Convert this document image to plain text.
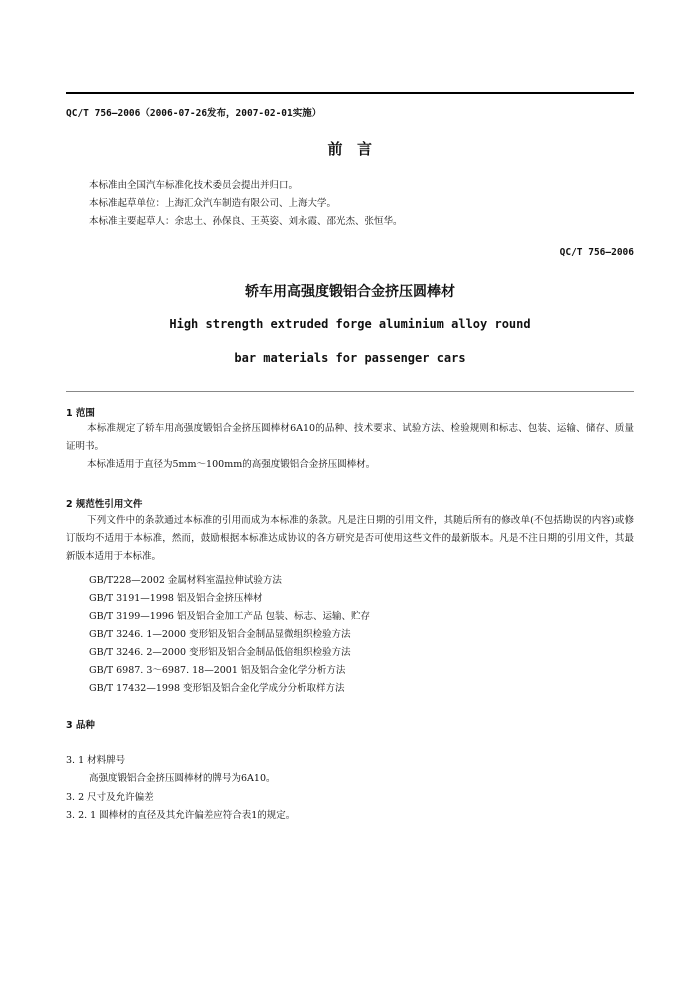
QC/T 756—2006（2006-07-26发布，2007-02-01实施）
前 言
本标准由全国汽车标准化技术委员会提出并归口。
本标准起草单位：上海汇众汽车制造有限公司、上海大学。
本标准主要起草人：余忠土、孙保良、王英姿、刘永霞、邵光杰、张恒华。
QC/T 756—2006
轿车用高强度锻铝合金挤压圆棒材
High strength extruded forge aluminium alloy round
bar materials for passenger cars
1 范围
本标准规定了轿车用高强度锻铝合金挤压圆棒材6A10的品种、技术要求、试验方法、检验规则和标志、包装、运输、储存、质量证明书。
本标准适用于直径为5mm～100mm的高强度锻铝合金挤压圆棒材。
2 规范性引用文件
下列文件中的条款通过本标准的引用而成为本标准的条款。凡是注日期的引用文件，其随后所有的修改单(不包括勘误的内容)或修订版均不适用于本标准，然而，鼓励根据本标准达成协议的各方研究是否可使用这些文件的最新版本。凡是不注日期的引用文件，其最新版本适用于本标准。
GB/T228—2002 金属材料室温拉伸试验方法
GB/T 3191—1998 铝及铝合金挤压棒材
GB/T 3199—1996 铝及铝合金加工产品 包装、标志、运输、贮存
GB/T 3246. 1—2000 变形铝及铝合金制品显微组织检验方法
GB/T 3246. 2—2000 变形铝及铝合金制品低倍组织检验方法
GB/T 6987. 3～6987. 18—2001 铝及铝合金化学分析方法
GB/T 17432—1998 变形铝及铝合金化学成分分析取样方法
3 品种
3. 1 材料牌号
高强度锻铝合金挤压圆棒材的牌号为6A10。
3. 2 尺寸及允许偏差
3. 2. 1 圆棒材的直径及其允许偏差应符合表1的规定。
